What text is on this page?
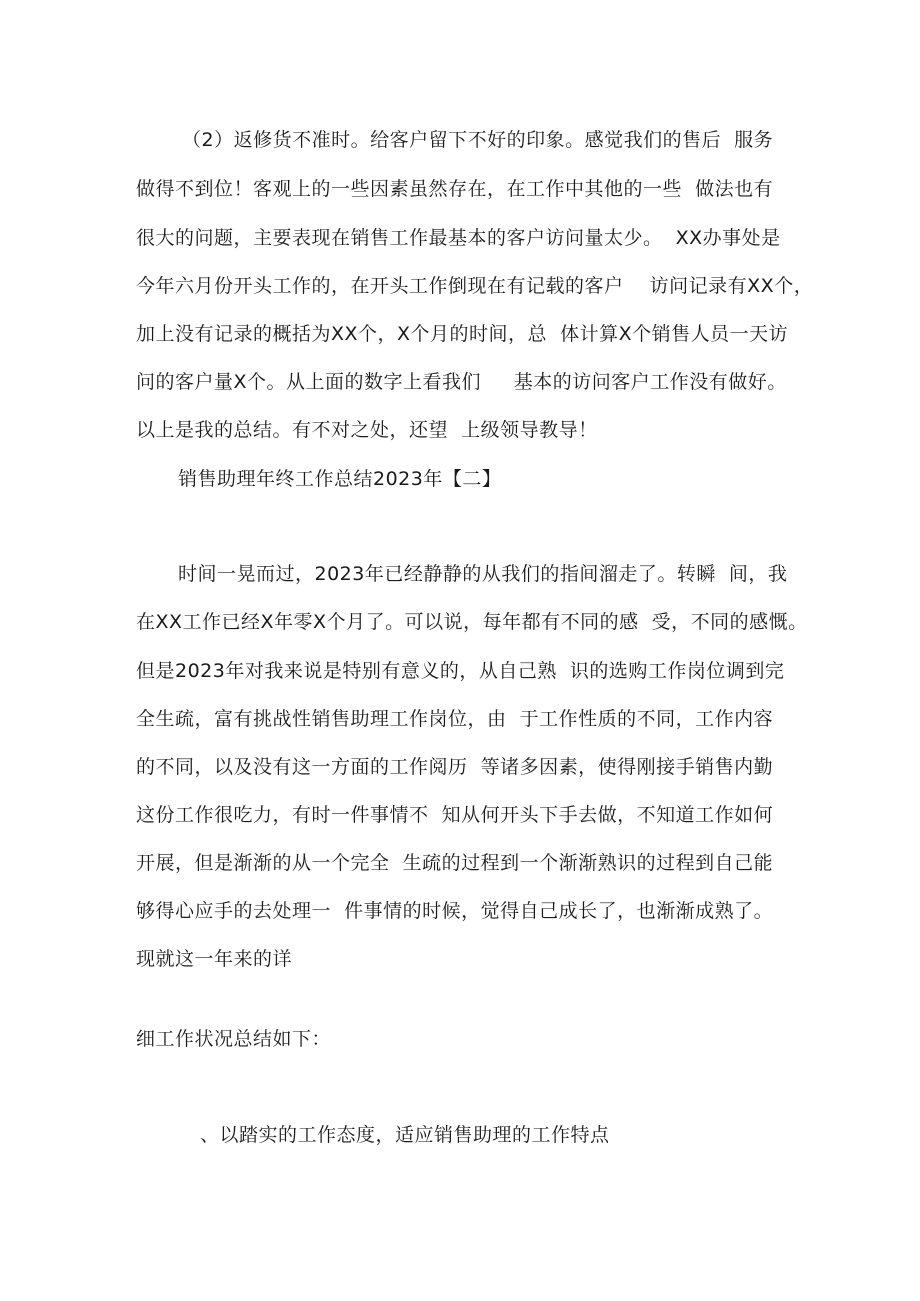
（2）返修货不准时。给客户留下不好的印象。感觉我们的售后  服务
做得不到位！客观上的一些因素虽然存在，在工作中其他的一些  做法也有
很大的问题，主要表现在销售工作最基本的客户访问量太少。  XX办事处是
今年六月份开头工作的，在开头工作倒现在有记载的客户    访问记录有XX个，
加上没有记录的概括为XX个，X个月的时间，总  体计算X个销售人员一天访
问的客户量X个。从上面的数字上看我们     基本的访问客户工作没有做好。
以上是我的总结。有不对之处，还望  上级领导教导！
销售助理年终工作总结2023年【二】
时间一晃而过，2023年已经静静的从我们的指间溜走了。转瞬  间，我
在XX工作已经X年零X个月了。可以说，每年都有不同的感  受，不同的感慨。
但是2023年对我来说是特别有意义的，从自己熟  识的选购工作岗位调到完
全生疏，富有挑战性销售助理工作岗位，由  于工作性质的不同，工作内容
的不同，以及没有这一方面的工作阅历  等诸多因素，使得刚接手销售内勤
这份工作很吃力，有时一件事情不  知从何开头下手去做，不知道工作如何
开展，但是渐渐的从一个完全  生疏的过程到一个渐渐熟识的过程到自己能
够得心应手的去处理一  件事情的时候，觉得自己成长了，也渐渐成熟了。
现就这一年来的详
细工作状况总结如下：
、以踏实的工作态度，适应销售助理的工作特点
